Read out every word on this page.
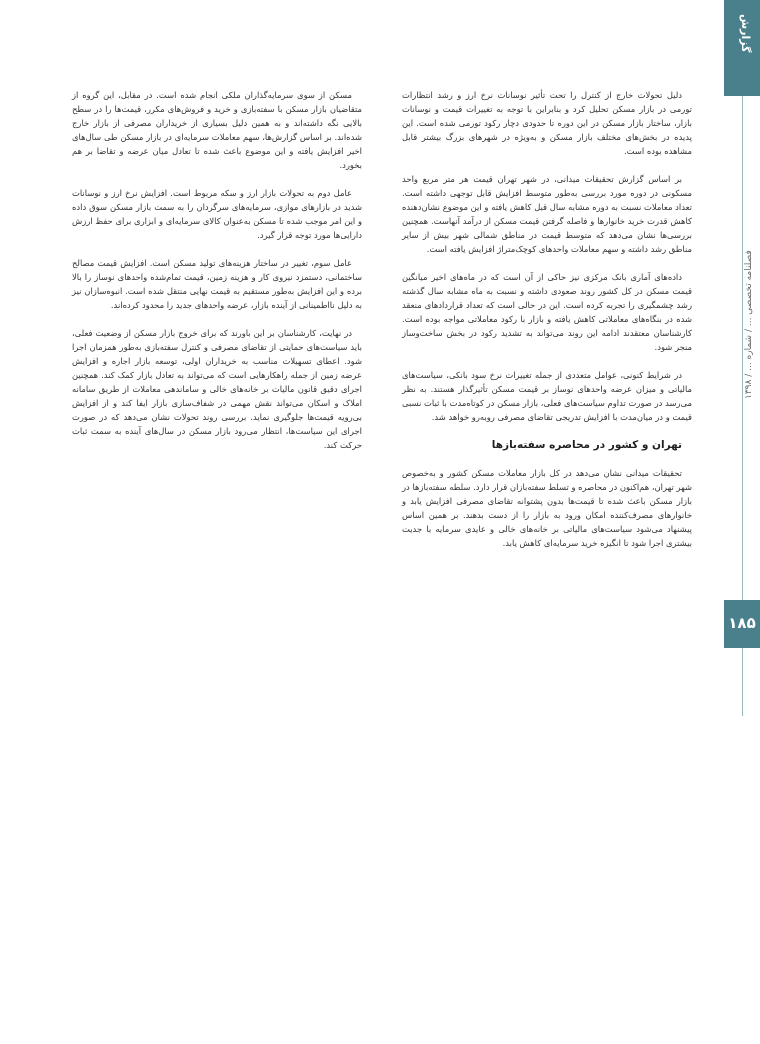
گزارش
فصلنامه تخصصی ... / شماره ... / ۱۳۹۸
۱۸۵

دلیل تحولات خارج از کنترل را تحت تأثیر نوسانات نرخ ارز و رشد انتظارات تورمی در بازار مسکن تحلیل کرد و بنابراین با توجه به تغییرات قیمت و نوسانات بازار، ساختار بازار مسکن در این دوره تا حدودی دچار رکود تورمی شده است. این پدیده در بخش‌های مختلف بازار مسکن و به‌ویژه در شهرهای بزرگ بیشتر قابل مشاهده بوده است.

بر اساس گزارش تحقیقات میدانی، در شهر تهران قیمت هر متر مربع واحد مسکونی در دوره مورد بررسی به‌طور متوسط افزایش قابل توجهی داشته است. تعداد معاملات نسبت به دوره مشابه سال قبل کاهش یافته و این موضوع نشان‌دهنده کاهش قدرت خرید خانوارها و فاصله گرفتن قیمت مسکن از درآمد آنهاست. همچنین بررسی‌ها نشان می‌دهد که متوسط قیمت در مناطق شمالی شهر بیش از سایر مناطق رشد داشته و سهم معاملات واحدهای کوچک‌متراژ افزایش یافته است.

داده‌های آماری بانک مرکزی نیز حاکی از آن است که در ماه‌های اخیر میانگین قیمت مسکن در کل کشور روند صعودی داشته و نسبت به ماه مشابه سال گذشته رشد چشمگیری را تجربه کرده است. این در حالی است که تعداد قراردادهای منعقد شده در بنگاه‌های معاملاتی کاهش یافته و بازار با رکود معاملاتی مواجه بوده است. کارشناسان معتقدند ادامه این روند می‌تواند به تشدید رکود در بخش ساخت‌وساز منجر شود.

در شرایط کنونی، عوامل متعددی از جمله تغییرات نرخ سود بانکی، سیاست‌های مالیاتی و میزان عرضه واحدهای نوساز بر قیمت مسکن تأثیرگذار هستند. به نظر می‌رسد در صورت تداوم سیاست‌های فعلی، بازار مسکن در کوتاه‌مدت با ثبات نسبی قیمت و در میان‌مدت با افزایش تدریجی تقاضای مصرفی روبه‌رو خواهد شد.

تهران و کشور در محاصره سفته‌بازها

تحقیقات میدانی نشان می‌دهد در کل بازار معاملات مسکن کشور و به‌خصوص شهر تهران، هم‌اکنون در محاصره و تسلط سفته‌بازان قرار دارد. سلطه سفته‌بازها در بازار مسکن باعث شده تا قیمت‌ها بدون پشتوانه تقاضای مصرفی افزایش یابد و خانوارهای مصرف‌کننده امکان ورود به بازار را از دست بدهند. بر همین اساس پیشنهاد می‌شود سیاست‌های مالیاتی بر خانه‌های خالی و عایدی سرمایه با جدیت بیشتری اجرا شود تا انگیزه خرید سرمایه‌ای کاهش یابد.

مسکن از سوی سرمایه‌گذاران ملکی انجام شده است. در مقابل، این گروه از متقاضیان بازار مسکن با سفته‌بازی و خرید و فروش‌های مکرر، قیمت‌ها را در سطح بالایی نگه داشته‌اند و به همین دلیل بسیاری از خریداران مصرفی از بازار خارج شده‌اند. بر اساس گزارش‌ها، سهم معاملات سرمایه‌ای در بازار مسکن طی سال‌های اخیر افزایش یافته و این موضوع باعث شده تا تعادل میان عرضه و تقاضا بر هم بخورد.

عامل دوم به تحولات بازار ارز و سکه مربوط است. افزایش نرخ ارز و نوسانات شدید در بازارهای موازی، سرمایه‌های سرگردان را به سمت بازار مسکن سوق داده و این امر موجب شده تا مسکن به‌عنوان کالای سرمایه‌ای و ابزاری برای حفظ ارزش دارایی‌ها مورد توجه قرار گیرد.

عامل سوم، تغییر در ساختار هزینه‌های تولید مسکن است. افزایش قیمت مصالح ساختمانی، دستمزد نیروی کار و هزینه زمین، قیمت تمام‌شده واحدهای نوساز را بالا برده و این افزایش به‌طور مستقیم به قیمت نهایی منتقل شده است. انبوه‌سازان نیز به دلیل نااطمینانی از آینده بازار، عرضه واحدهای جدید را محدود کرده‌اند.

در نهایت، کارشناسان بر این باورند که برای خروج بازار مسکن از وضعیت فعلی، باید سیاست‌های حمایتی از تقاضای مصرفی و کنترل سفته‌بازی به‌طور همزمان اجرا شود. اعطای تسهیلات مناسب به خریداران اولی، توسعه بازار اجاره و افزایش عرضه زمین از جمله راهکارهایی است که می‌تواند به تعادل بازار کمک کند. همچنین اجرای دقیق قانون مالیات بر خانه‌های خالی و ساماندهی معاملات از طریق سامانه املاک و اسکان می‌تواند نقش مهمی در شفاف‌سازی بازار ایفا کند و از افزایش بی‌رویه قیمت‌ها جلوگیری نماید. بررسی روند تحولات نشان می‌دهد که در صورت اجرای این سیاست‌ها، انتظار می‌رود بازار مسکن در سال‌های آینده به سمت ثبات حرکت کند.
